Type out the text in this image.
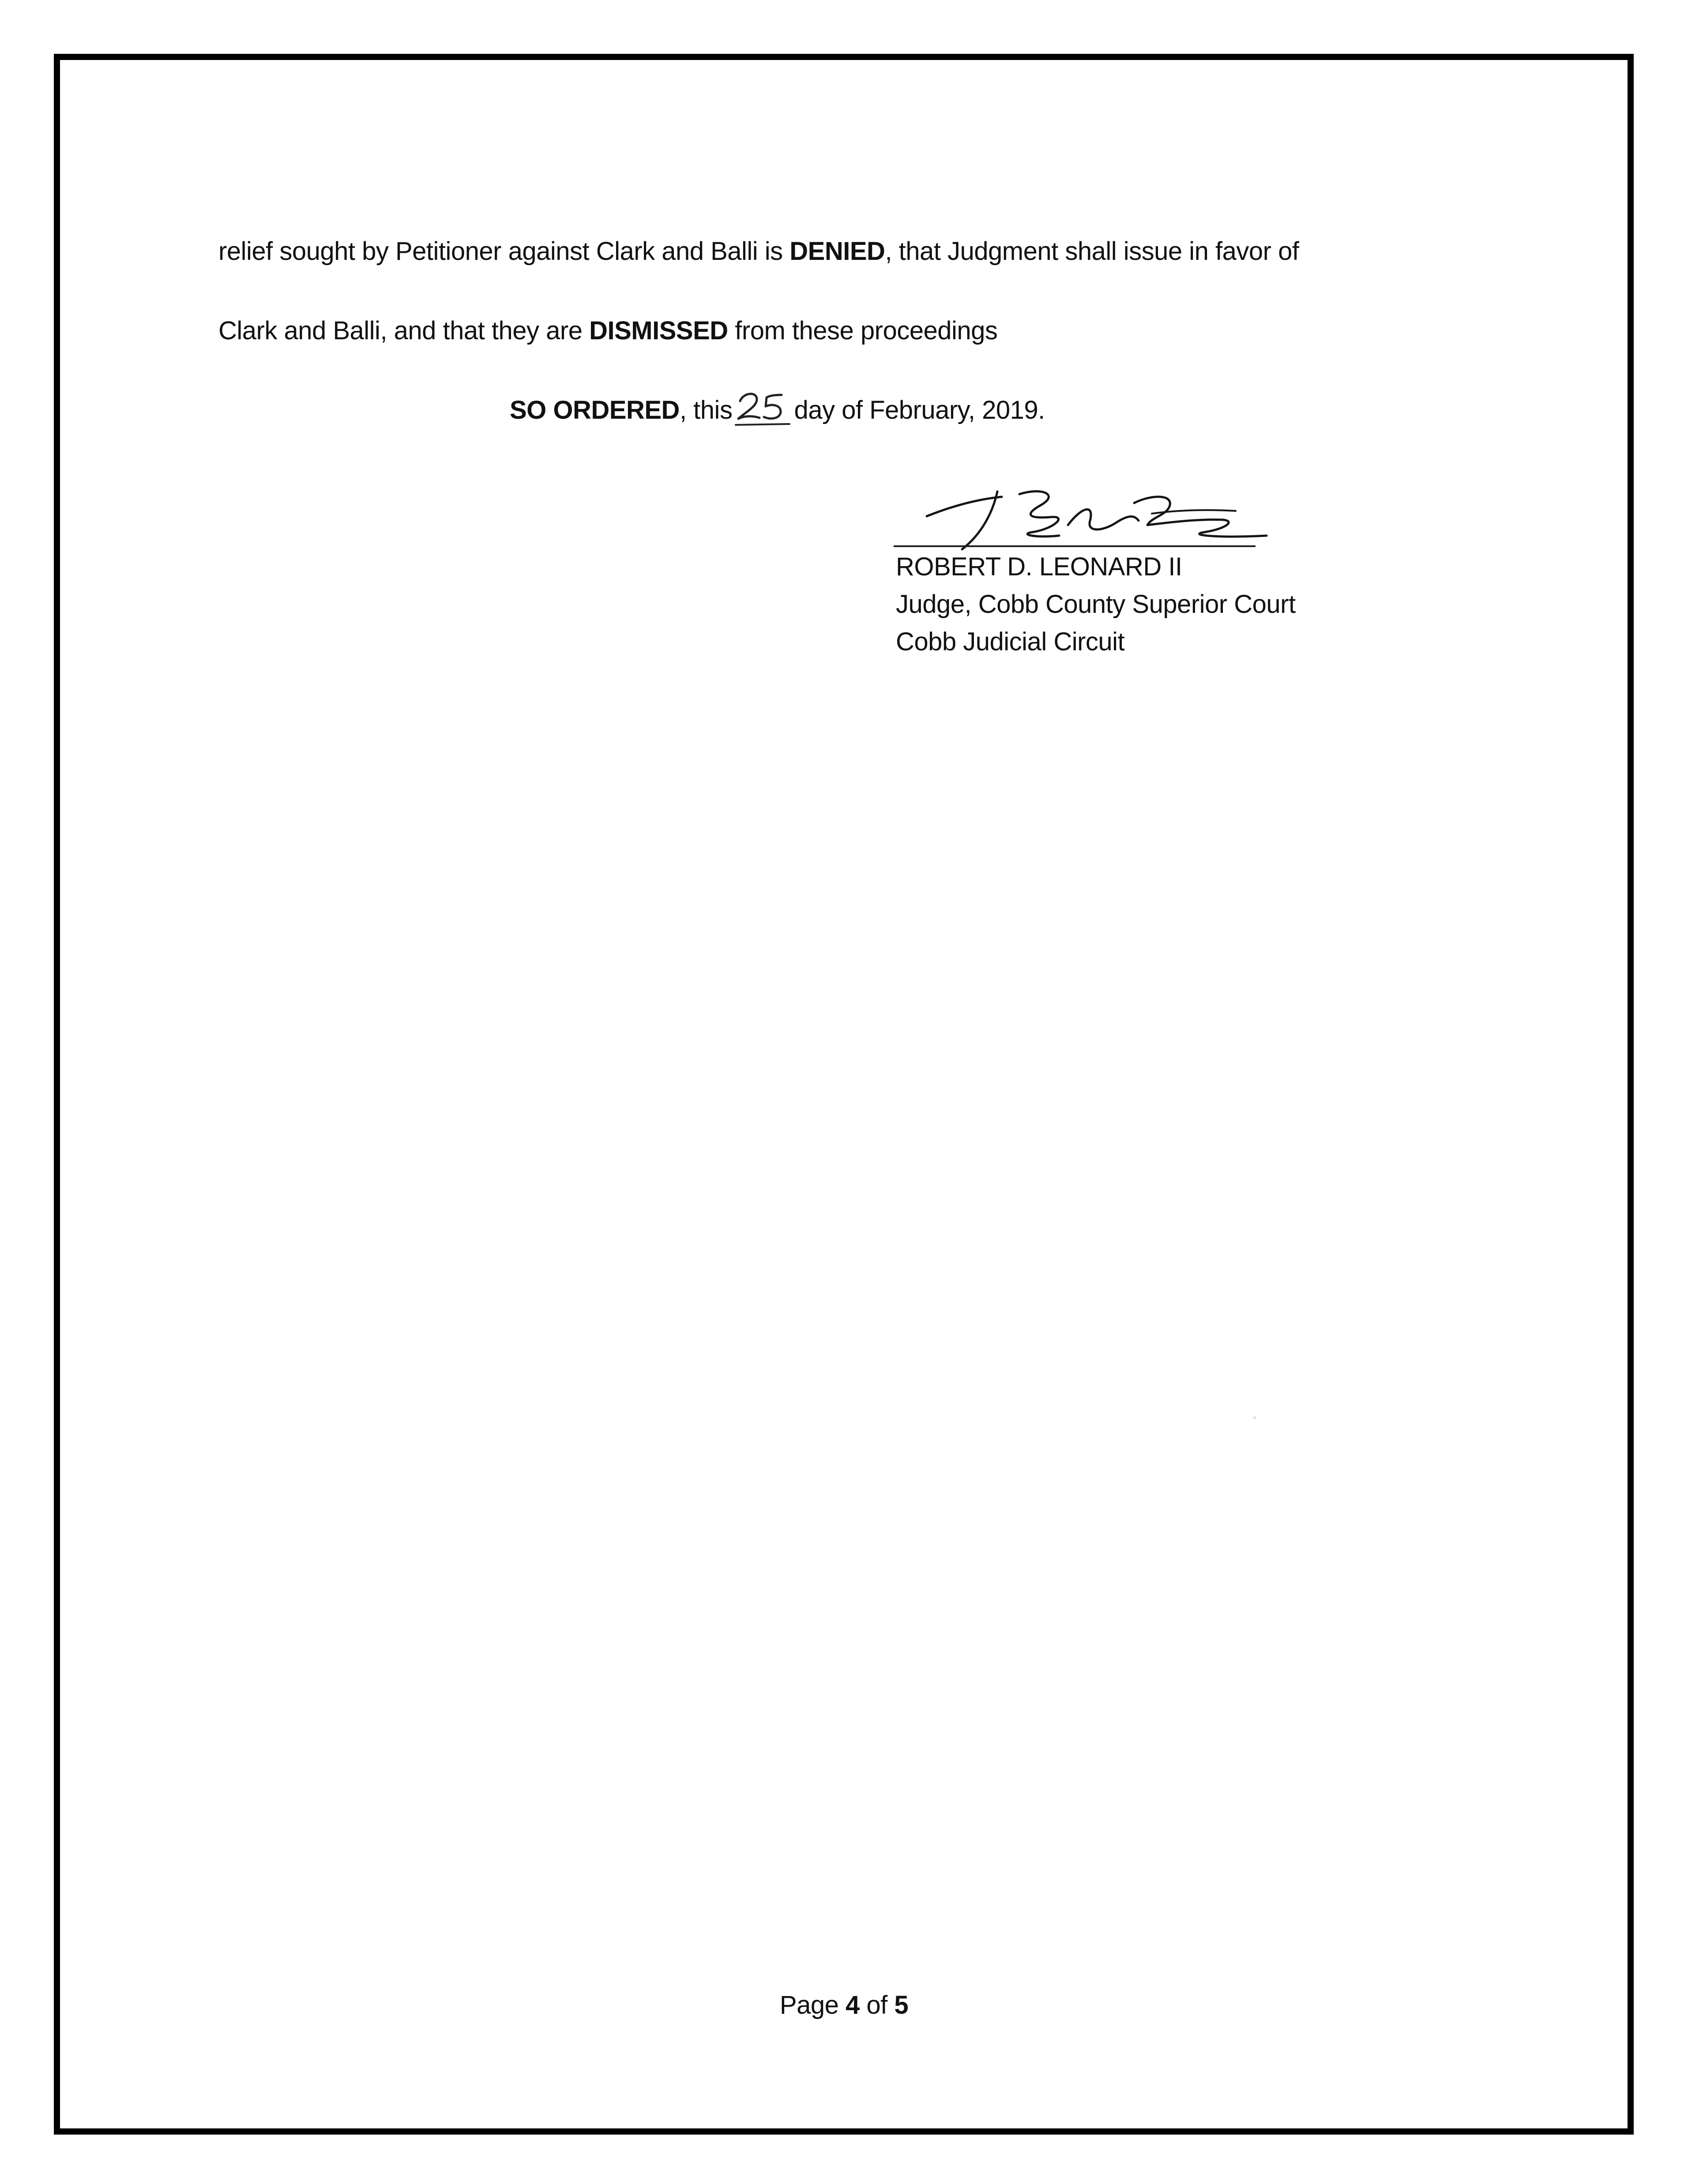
relief sought by Petitioner against Clark and Balli is DENIED, that Judgment shall issue in favor of
Clark and Balli, and that they are DISMISSED from these proceedings
SO ORDERED, this day of February, 2019.
ROBERT D. LEONARD II
Judge, Cobb County Superior Court
Cobb Judicial Circuit
Page 4 of 5
